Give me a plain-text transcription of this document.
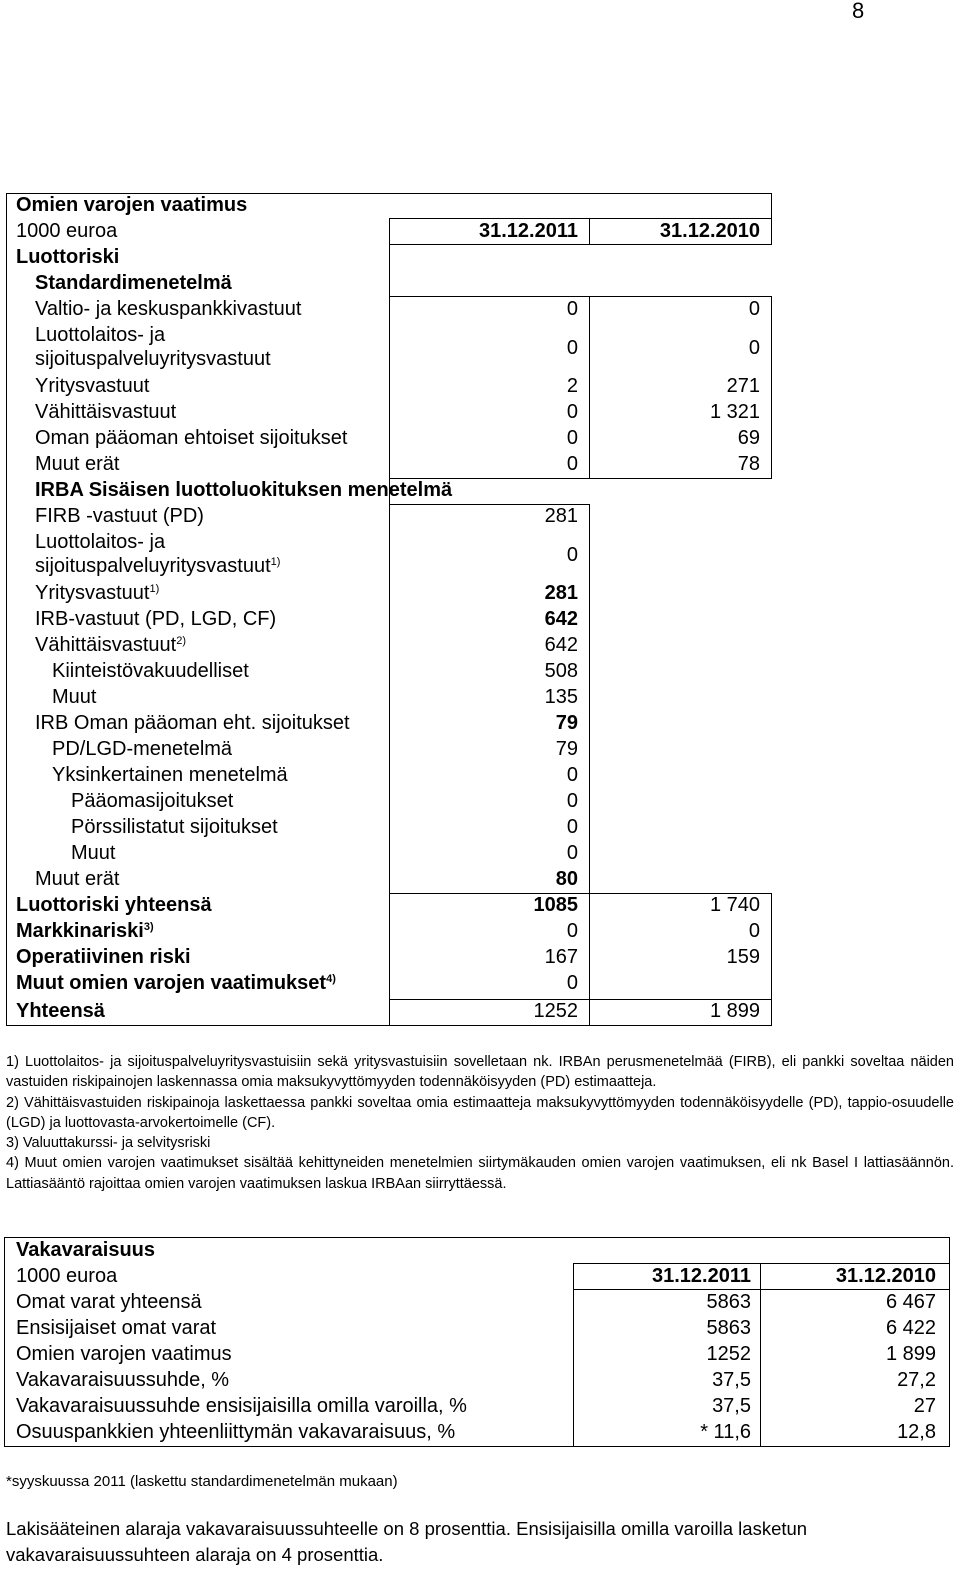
8
Omien varojen vaatimus
1000 euroa	31.12.2011	31.12.2010
Luottoriski
Standardimenetelmä
Valtio- ja keskuspankkivastuut	0	0
Luottolaitos- ja
sijoituspalveluyritysvastuut	0	0
Yritysvastuut	2	271
Vähittäisvastuut	0	1 321
Oman pääoman ehtoiset sijoitukset	0	69
Muut erät	0	78
IRBA Sisäisen luottoluokituksen menetelmä
FIRB -vastuut (PD)	281
Luottolaitos- ja
sijoituspalveluyritysvastuut$^{1)}$	0
Yritysvastuut$^{1)}$	281
IRB-vastuut (PD, LGD, CF)	642
Vähittäisvastuut$^{2)}$	642
Kiinteistövakuudelliset	508
Muut	135
IRB Oman pääoman eht. sijoitukset	79
PD/LGD-menetelmä	79
Yksinkertainen menetelmä	0
Pääomasijoitukset	0
Pörssilistatut sijoitukset	0
Muut	0
Muut erät	80
Luottoriski yhteensä	1085	1 740
Markkinariski$^{3)}$	0	0
Operatiivinen riski	167	159
Muut omien varojen vaatimukset$^{4)}$	0
Yhteensä	1252	1 899

1) Luottolaitos- ja sijoituspalveluyritysvastuisiin sekä yritysvastuisiin sovelletaan nk. IRBAn perusmenetelmää (FIRB), eli pankki soveltaa näiden vastuiden riskipainojen laskennassa omia maksukyvyttömyyden todennäköisyyden (PD) estimaatteja.

2) Vähittäisvastuiden riskipainoja laskettaessa pankki soveltaa omia estimaatteja maksukyvyttömyyden todennäköisyydelle (PD), tappio-osuudelle (LGD) ja luottovasta-arvokertoimelle (CF).

3) Valuuttakurssi- ja selvitysriski

4) Muut omien varojen vaatimukset sisältää kehittyneiden menetelmien siirtymäkauden omien varojen vaatimuksen, eli nk Basel I lattiasäännön. Lattiasääntö rajoittaa omien varojen vaatimuksen laskua IRBAan siirryttäessä.

Vakavaraisuus
1000 euroa	31.12.2011	31.12.2010
Omat varat yhteensä	5863	6 467
Ensisijaiset omat varat	5863	6 422
Omien varojen vaatimus	1252	1 899
Vakavaraisuussuhde, %	37,5	27,2
Vakavaraisuussuhde ensisijaisilla omilla varoilla, %	37,5	27
Osuuspankkien yhteenliittymän vakavaraisuus, %	* 11,6	12,8
*syyskuussa 2011 (laskettu standardimenetelmän mukaan)
Lakisääteinen alaraja vakavaraisuussuhteelle on 8 prosenttia. Ensisijaisilla omilla varoilla lasketun vakavaraisuussuhteen alaraja on 4 prosenttia.
